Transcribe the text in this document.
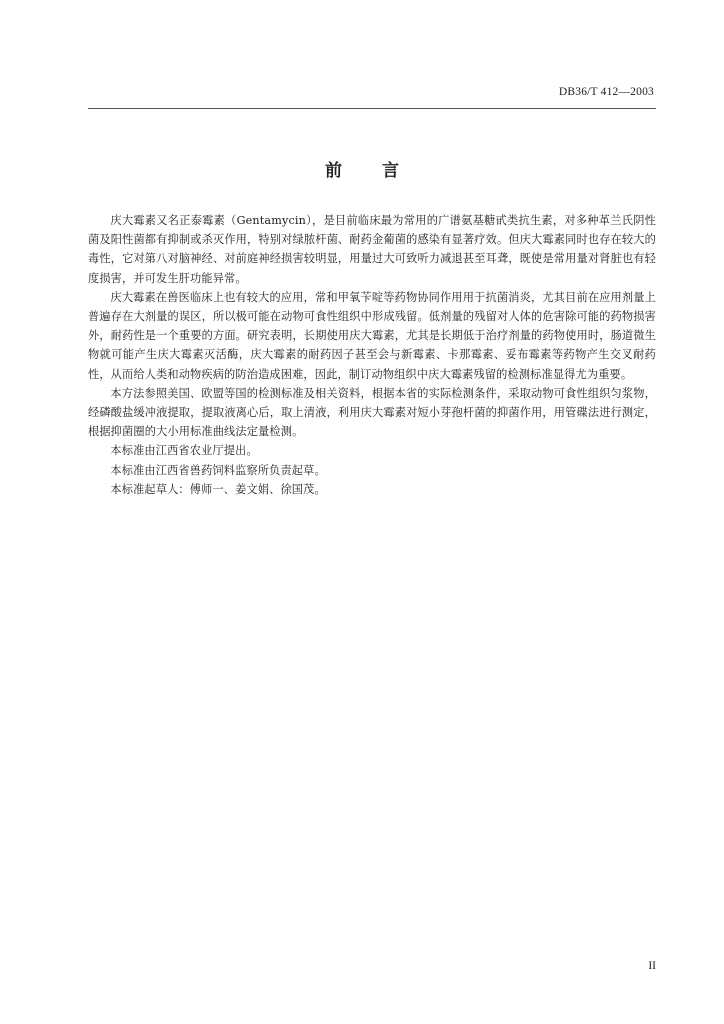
DB36/T 412—2003
前言

庆大霉素又名正泰霉素（Gentamycin），是目前临床最为常用的广谱氨基糖甙类抗生素，对多种革兰氏阴性菌及阳性菌都有抑制或杀灭作用，特别对绿脓杆菌、耐药金葡菌的感染有显著疗效。但庆大霉素同时也存在较大的毒性，它对第八对脑神经、对前庭神经损害较明显，用量过大可致听力减退甚至耳聋，既使是常用量对肾脏也有轻度损害，并可发生肝功能异常。

庆大霉素在兽医临床上也有较大的应用，常和甲氧苄啶等药物协同作用用于抗菌消炎，尤其目前在应用剂量上普遍存在大剂量的误区，所以极可能在动物可食性组织中形成残留。低剂量的残留对人体的危害除可能的药物损害外，耐药性是一个重要的方面。研究表明，长期使用庆大霉素，尤其是长期低于治疗剂量的药物使用时，肠道微生物就可能产生庆大霉素灭活酶，庆大霉素的耐药因子甚至会与新霉素、卡那霉素、妥布霉素等药物产生交叉耐药性，从而给人类和动物疾病的防治造成困难，因此，制订动物组织中庆大霉素残留的检测标准显得尤为重要。

本方法参照美国、欧盟等国的检测标准及相关资料，根据本省的实际检测条件，采取动物可食性组织匀浆物，经磷酸盐缓冲液提取，提取液离心后，取上清液，利用庆大霉素对短小芽孢杆菌的抑菌作用，用管碟法进行测定，根据抑菌圈的大小用标准曲线法定量检测。

本标准由江西省农业厅提出。

本标准由江西省兽药饲料监察所负责起草。

本标准起草人：傅师一、姜文娟、徐国茂。

II
